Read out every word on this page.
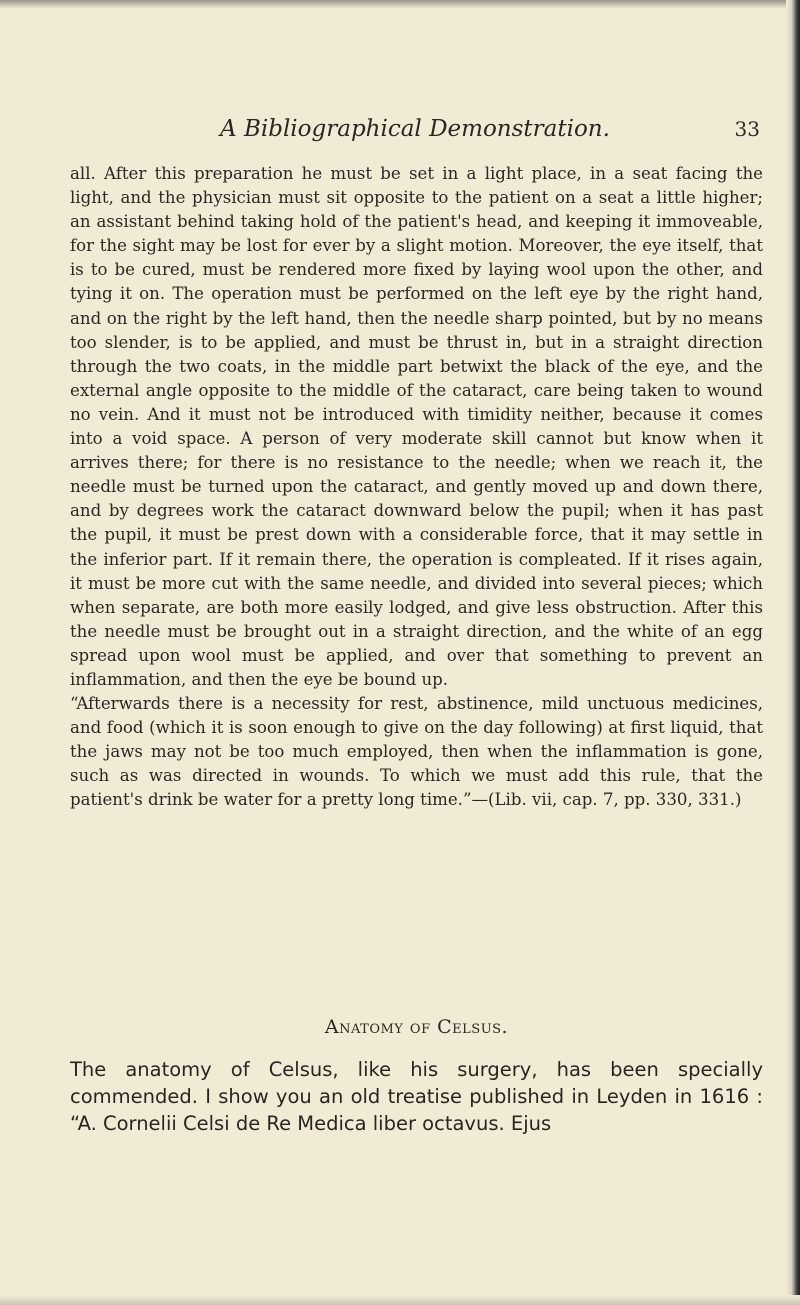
A Bibliographical Demonstration.	33

all. After this preparation he must be set in a light place, in a seat facing the light, and the physician must sit opposite to the patient on a seat a little higher; an assistant behind taking hold of the patient's head, and keeping it immoveable, for the sight may be lost for ever by a slight motion. Moreover, the eye itself, that is to be cured, must be rendered more fixed by laying wool upon the other, and tying it on. The operation must be performed on the left eye by the right hand, and on the right by the left hand, then the needle sharp pointed, but by no means too slender, is to be applied, and must be thrust in, but in a straight direction through the two coats, in the middle part betwixt the black of the eye, and the external angle opposite to the middle of the cataract, care being taken to wound no vein. And it must not be introduced with timidity neither, because it comes into a void space. A person of very moderate skill cannot but know when it arrives there; for there is no resistance to the needle; when we reach it, the needle must be turned upon the cataract, and gently moved up and down there, and by degrees work the cataract downward below the pupil; when it has past the pupil, it must be prest down with a considerable force, that it may settle in the inferior part. If it remain there, the operation is compleated. If it rises again, it must be more cut with the same needle, and divided into several pieces; which when separate, are both more easily lodged, and give less obstruction. After this the needle must be brought out in a straight direction, and the white of an egg spread upon wool must be applied, and over that something to prevent an inflammation, and then the eye be bound up.

“Afterwards there is a necessity for rest, abstinence, mild unctuous medicines, and food (which it is soon enough to give on the day following) at first liquid, that the jaws may not be too much employed, then when the inflammation is gone, such as was directed in wounds. To which we must add this rule, that the patient's drink be water for a pretty long time.”—(Lib. vii, cap. 7, pp. 330, 331.)

Anatomy of Celsus.

The anatomy of Celsus, like his surgery, has been specially commended. I show you an old treatise published in Leyden in 1616 : “A. Cornelii Celsi de Re Medica liber octavus. Ejus
